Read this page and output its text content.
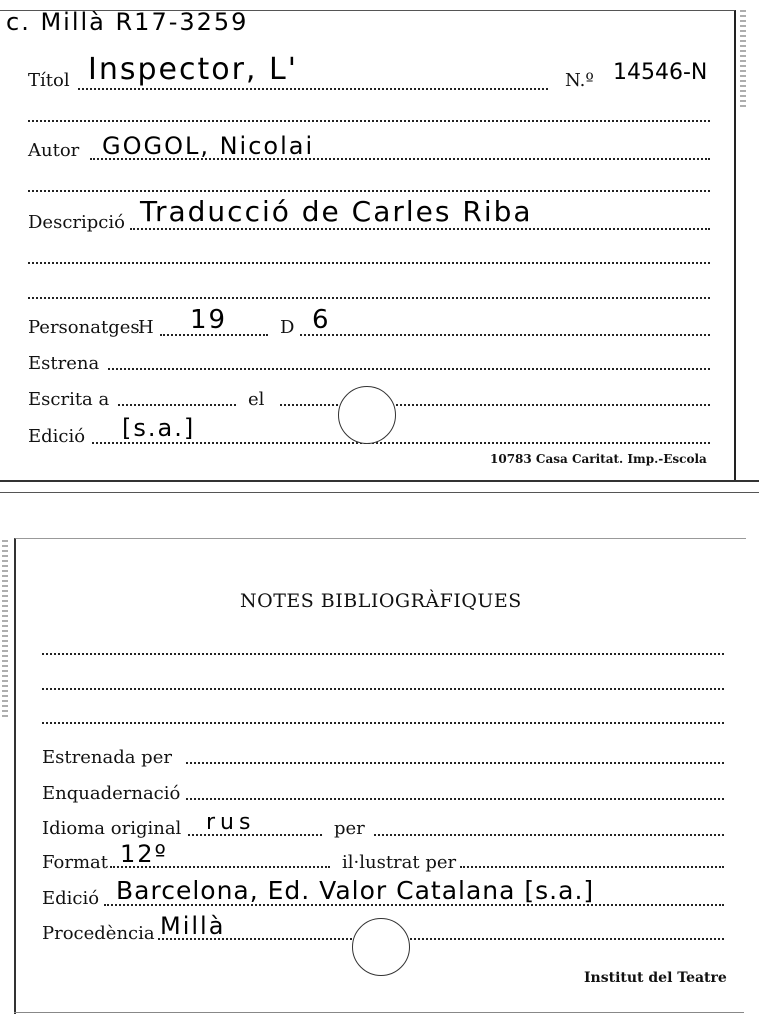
c. Millà R17-3259
Títol Inspector, L'	N.º 14546-N
Autor GOGOL, Nicolai
Descripció Traducció de Carles Riba
Personatges
H 19	D 6
Estrena
Escrita a	el
Edició [s.a.]
10783 Casa Caritat. Imp.-Escola
NOTES BIBLIOGRÀFIQUES
Estrenada per
Enquadernació
Idioma original rus	per
Format 12º	il·lustrat per
Edició Barcelona, Ed. Valor Catalana [s.a.]
Procedència Millà
Institut del Teatre
